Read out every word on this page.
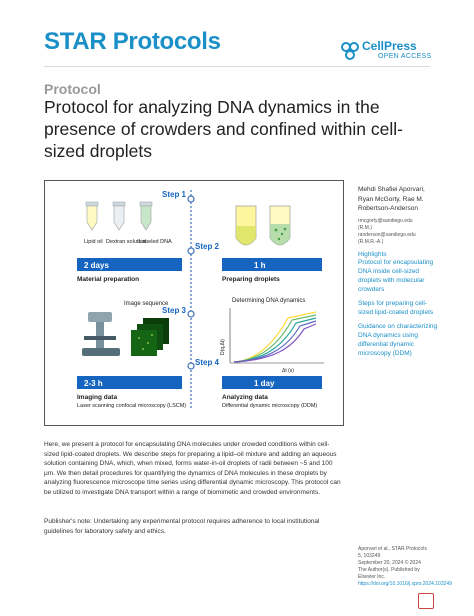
STAR Protocols	CellPress
OPEN ACCESS
Protocol
Protocol for analyzing DNA dynamics in the presence of crowders and confined within cell-sized droplets
Step 1
Step 2
Step 3
Step 4
Lipid oil Dextran solution
Labeled DNA
2 days
Material preparation
1 h
Preparing droplets
Image sequence
2-3 h
Imaging data
Laser scanning confocal microscopy (LSCM)
Determining DNA dynamics
Δt (s)
D(q,Δt)
1 day
Analyzing data
Differential dynamic microscopy (DDM)
Mehdi Shafiei Aporvari, Ryan McGorty, Rae M. Robertson-Anderson
rmcgorty@sandiego.edu
(R.M.)
randerson@sandiego.edu
(R.M.R.-A.)
Highlights
Protocol for encapsulating DNA inside cell-sized droplets with molecular crowders
Steps for preparing cell-sized lipid-coated droplets
Guidance on characterizing DNA dynamics using differential dynamic microscopy (DDM)
Aporvari et al., STAR Protocols
5, 103249
September 20, 2024 © 2024
The Author(s). Published by
Elsevier Inc.
https://doi.org/10.1016/j.xpro.2024.103249
Here, we present a protocol for encapsulating DNA molecules under crowded conditions within cell-sized lipid-coated droplets. We describe steps for preparing a lipid–oil mixture and adding an aqueous solution containing DNA, which, when mixed, forms water-in-oil droplets of radii between ~5 and 100 μm. We then detail procedures for quantifying the dynamics of DNA molecules in these droplets by analyzing fluorescence microscope time series using differential dynamic microscopy. This protocol can be utilized to investigate DNA transport within a range of biomimetic and crowded environments.
Publisher's note: Undertaking any experimental protocol requires adherence to local institutional guidelines for laboratory safety and ethics.
